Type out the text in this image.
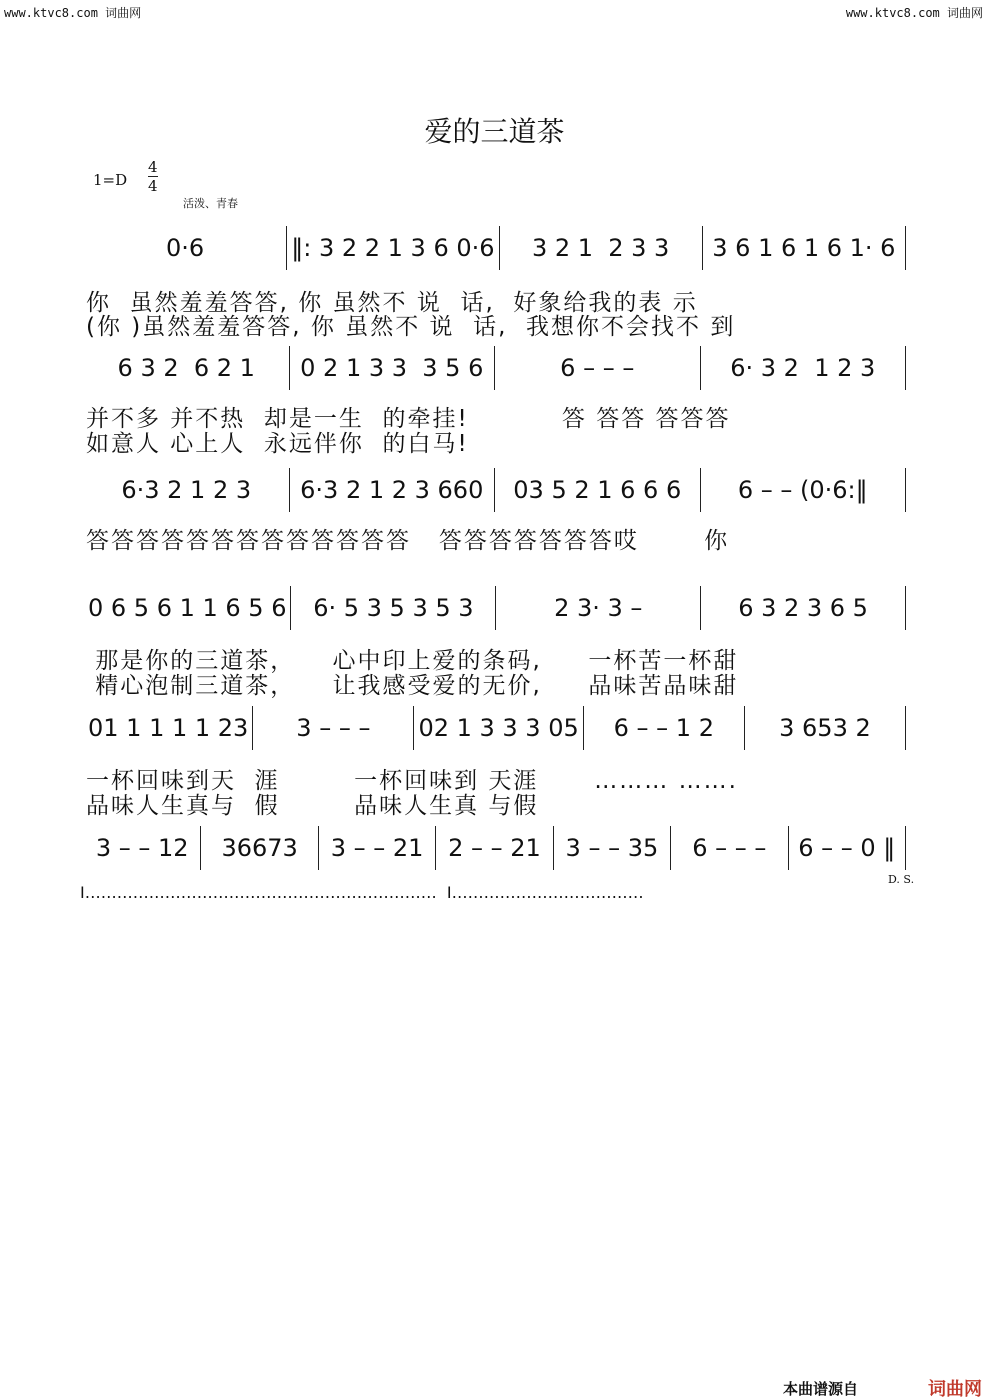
www.ktvc8.com 词曲网	www.ktvc8.com 词曲网
爱的三道茶
1=D
4
4
活泼、青春
0·6	‖: 3 2 2 1 3 6 0·6	3 2 1  2 3 3	3 6 1 6 1 6 1· 6
你  虽然羞羞答答, 你 虽然不 说  话,  好象给我的表 示
(你 )虽然羞羞答答, 你 虽然不 说  话,  我想你不会找不 到
6 3 2  6 2 1	0 2 1 3 3  3 5 6	6 – – –	6· 3 2  1 2 3
并不多 并不热  却是一生  的牵挂!          答 答答 答答答
如意人 心上人  永远伴你  的白马!
6·3 2 1 2 3	6·3 2 1 2 3 660	03 5 2 1 6 6 6	6 – – (0·6:‖
答答答答答答答答答答答答答   答答答答答答答哎       你
0 6 5 6 1 1 6 5 6	6· 5 3 5 3 5 3	2 3· 3 –	6 3 2 3 6 5
那是你的三道茶，    心中印上爱的条码,     一杯苦一杯甜
精心泡制三道茶，    让我感受爱的无价,     品味苦品味甜
01 1 1 1 1 23	3 – – –	02 1 3 3 3 05	6 – – 1 2	3 653 2
一杯回味到天  涯        一杯回味到 天涯      ……… …….
品味人生真与  假        品味人生真 与假
3 – – 12	36673	3 – – 21	2 – – 21	3 – – 35	6 – – –	6 – – 0 ‖
I…………………………………………………………  I………………………………
D. S.
本曲谱源自	词曲网
